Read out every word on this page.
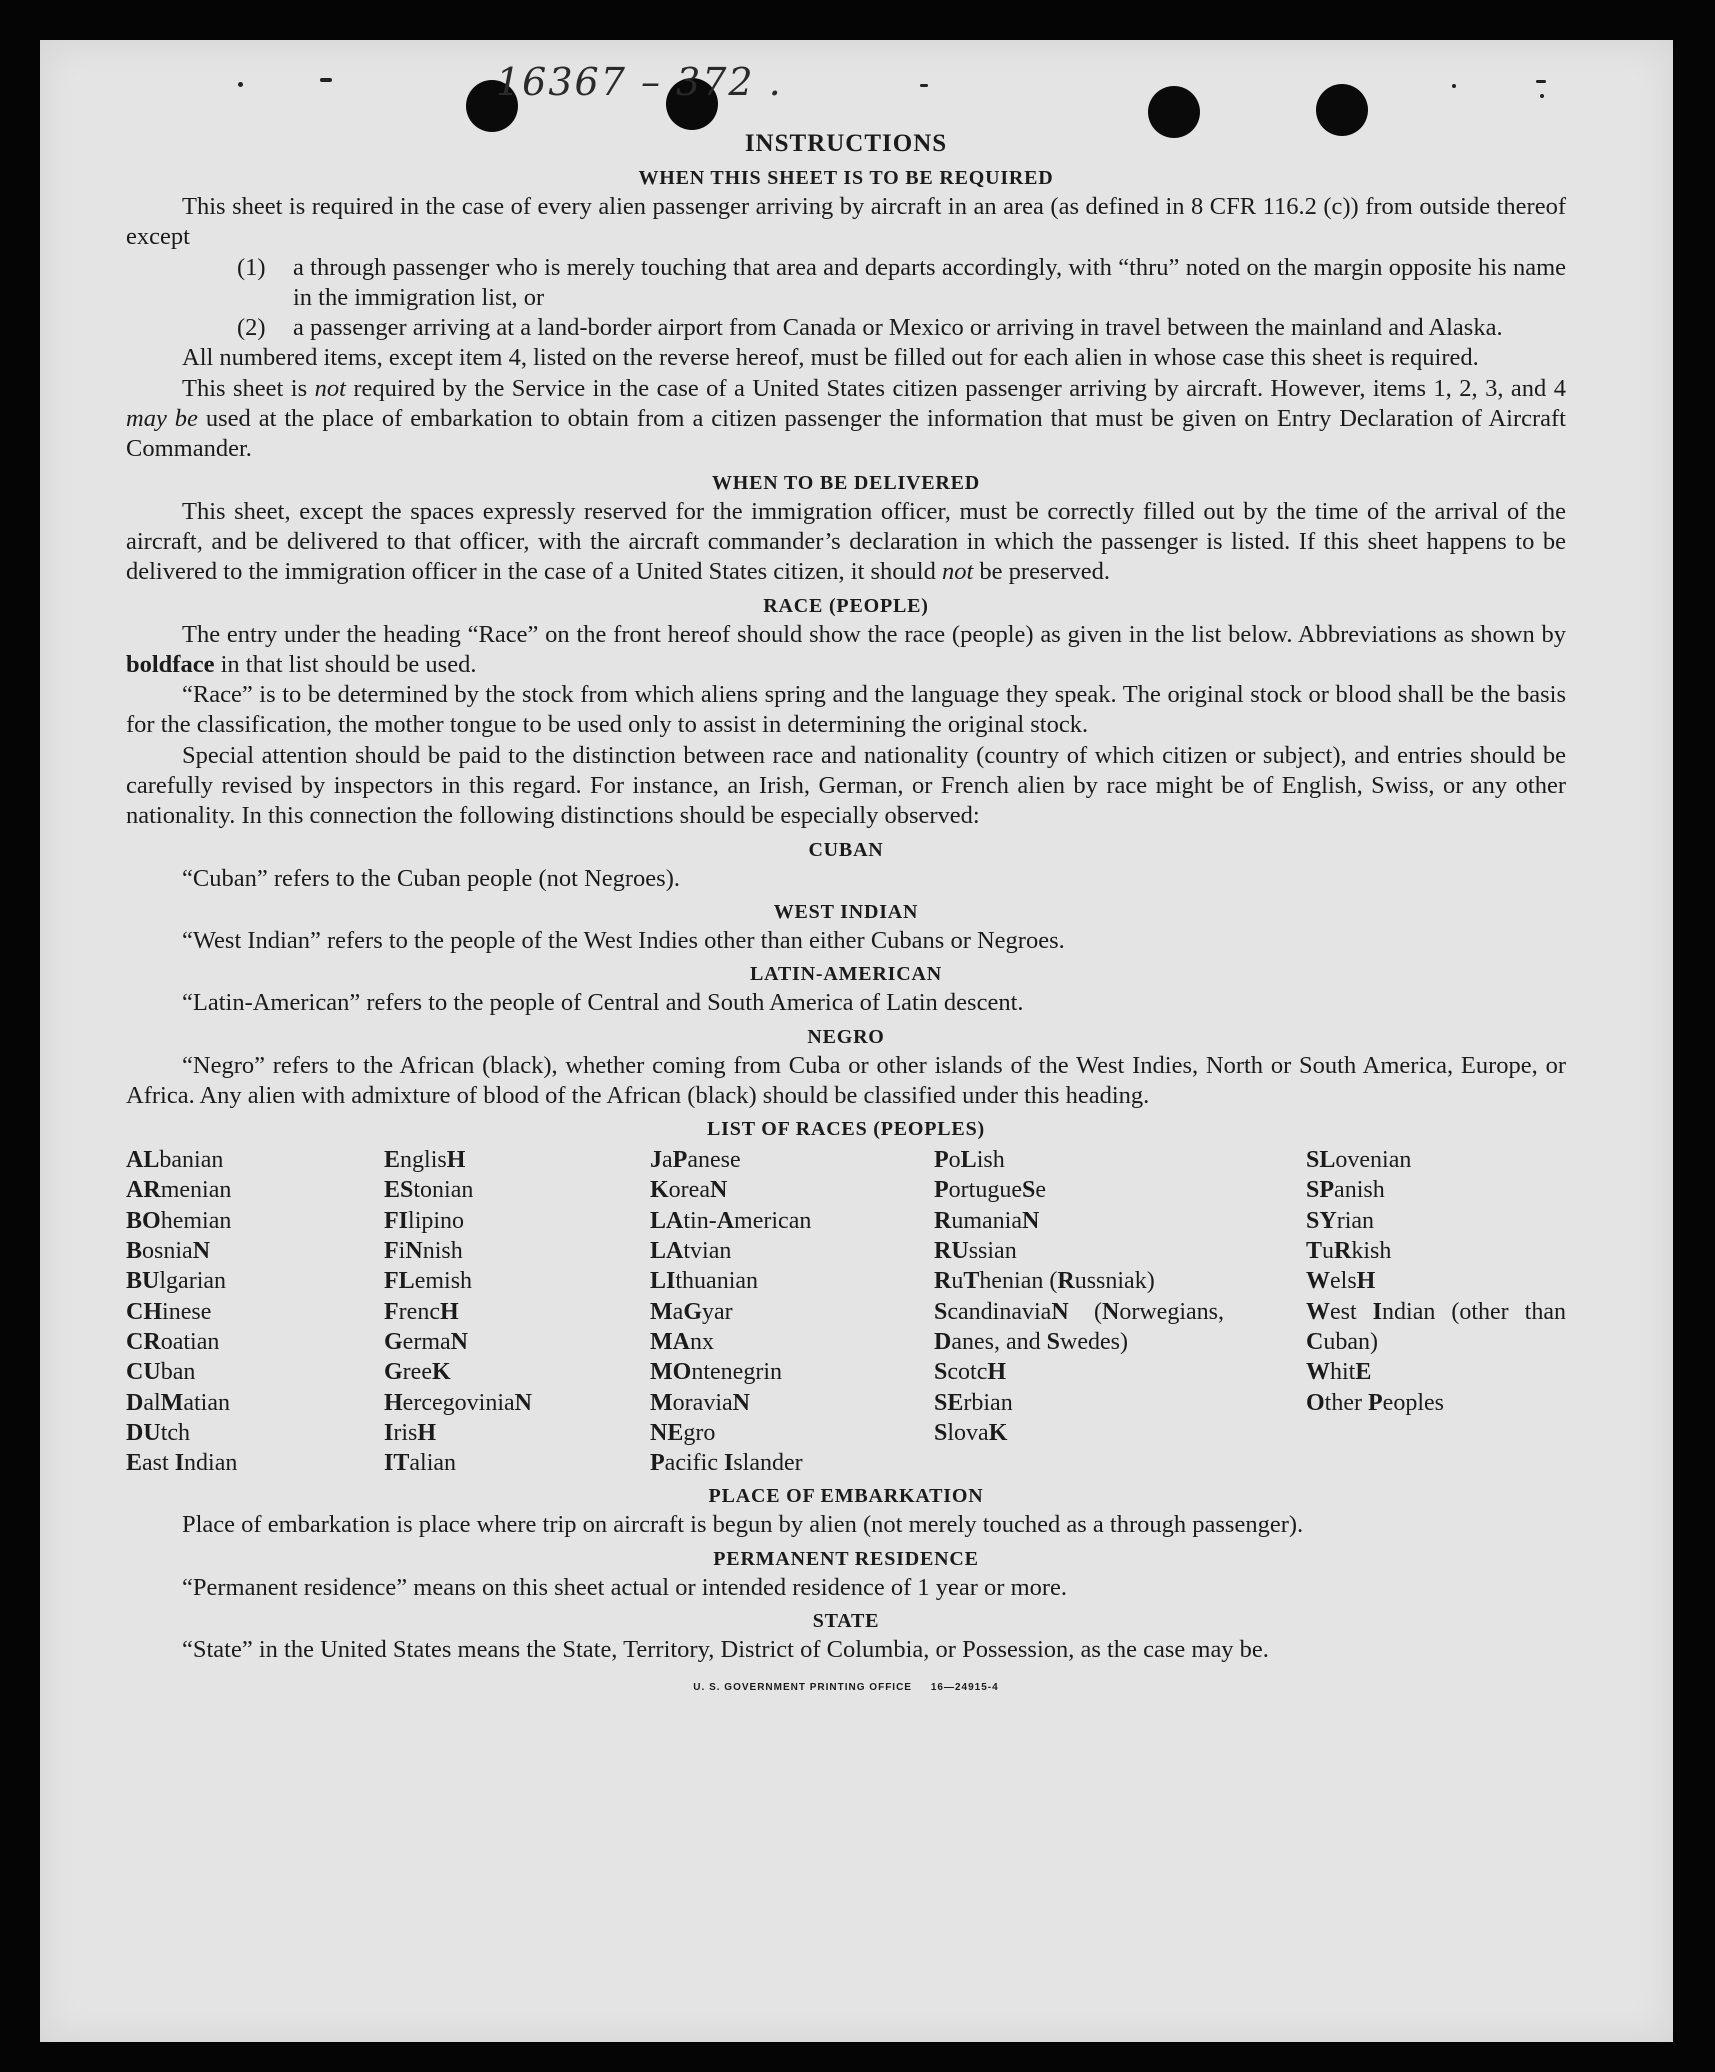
16367 – 372 .
INSTRUCTIONS
WHEN THIS SHEET IS TO BE REQUIRED

This sheet is required in the case of every alien passenger arriving by aircraft in an area (as defined in 8 CFR 116.2 (c)) from outside thereof except

(1)	a through passenger who is merely touching that area and departs accordingly, with “thru” noted on the margin opposite his name in the immigration list, or
(2)	a passenger arriving at a land-border airport from Canada or Mexico or arriving in travel between the mainland and Alaska.

All numbered items, except item 4, listed on the reverse hereof, must be filled out for each alien in whose case this sheet is required.

This sheet is not required by the Service in the case of a United States citizen passenger arriving by aircraft. However, items 1, 2, 3, and 4 may be used at the place of embarkation to obtain from a citizen passenger the information that must be given on Entry Declaration of Aircraft Commander.

WHEN TO BE DELIVERED

This sheet, except the spaces expressly reserved for the immigration officer, must be correctly filled out by the time of the arrival of the aircraft, and be delivered to that officer, with the aircraft commander’s declaration in which the passenger is listed. If this sheet happens to be delivered to the immigration officer in the case of a United States citizen, it should not be preserved.

RACE (PEOPLE)

The entry under the heading “Race” on the front hereof should show the race (people) as given in the list below. Abbreviations as shown by boldface in that list should be used.

“Race” is to be determined by the stock from which aliens spring and the language they speak. The original stock or blood shall be the basis for the classification, the mother tongue to be used only to assist in determining the original stock.

Special attention should be paid to the distinction between race and nationality (country of which citizen or subject), and entries should be carefully revised by inspectors in this regard. For instance, an Irish, German, or French alien by race might be of English, Swiss, or any other nationality. In this connection the following distinctions should be especially observed:

CUBAN

“Cuban” refers to the Cuban people (not Negroes).

WEST INDIAN

“West Indian” refers to the people of the West Indies other than either Cubans or Negroes.

LATIN-AMERICAN

“Latin-American” refers to the people of Central and South America of Latin descent.

NEGRO

“Negro” refers to the African (black), whether coming from Cuba or other islands of the West Indies, North or South America, Europe, or Africa. Any alien with admixture of blood of the African (black) should be classified under this heading.

LIST OF RACES (PEOPLES)
ALbanian
ARmenian
BOhemian
BosniaN
BUlgarian
CHinese
CRoatian
CUban
DalMatian
DUtch
East Indian
EnglisH
EStonian
FIlipino
FiNnish
FLemish
FrencH
GermaN
GreeK
HercegoviniaN
IrisH
ITalian
JaPanese
KoreaN
LAtin-American
LAtvian
LIthuanian
MaGyar
MAnx
MOntenegrin
MoraviaN
NEgro
Pacific Islander
PoLish
PortugueSe
RumaniaN
RUssian
RuThenian (Russniak)
ScandinaviaN (Norwegians, Danes, and Swedes)
ScotcH
SErbian
SlovaK
SLovenian
SPanish
SYrian
TuRkish
WelsH
West Indian (other than Cuban)
WhitE
Other Peoples
PLACE OF EMBARKATION

Place of embarkation is place where trip on aircraft is begun by alien (not merely touched as a through passenger).

PERMANENT RESIDENCE

“Permanent residence” means on this sheet actual or intended residence of 1 year or more.

STATE

“State” in the United States means the State, Territory, District of Columbia, or Possession, as the case may be.

U. S. GOVERNMENT PRINTING OFFICE     16—24915-4
